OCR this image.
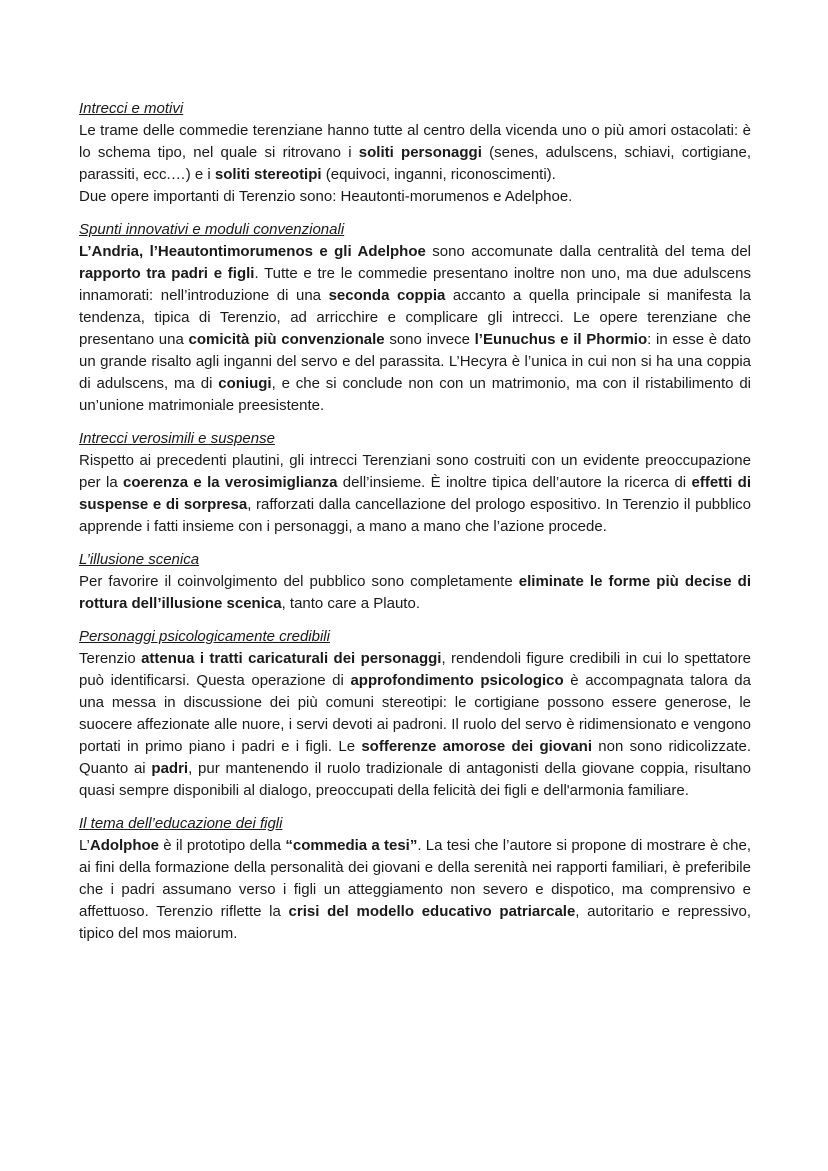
Intrecci e motivi
Le trame delle commedie terenziane hanno tutte al centro della vicenda uno o più amori ostacolati: è lo schema tipo, nel quale si ritrovano i soliti personaggi (senes, adulscens, schiavi, cortigiane, parassiti, ecc.…) e i soliti stereotipi (equivoci, inganni, riconoscimenti).
Due opere importanti di Terenzio sono: Heautonti-morumenos e Adelphoe.
Spunti innovativi e moduli convenzionali
L’Andria, l’Heautontimorumenos e gli Adelphoe sono accomunate dalla centralità del tema del rapporto tra padri e figli. Tutte e tre le commedie presentano inoltre non uno, ma due adulscens innamorati: nell’introduzione di una seconda coppia accanto a quella principale si manifesta la tendenza, tipica di Terenzio, ad arricchire e complicare gli intrecci. Le opere terenziane che presentano una comicità più convenzionale sono invece l’Eunuchus e il Phormio: in esse è dato un grande risalto agli inganni del servo e del parassita. L’Hecyra è l’unica in cui non si ha una coppia di adulscens, ma di coniugi, e che si conclude non con un matrimonio, ma con il ristabilimento di un’unione matrimoniale preesistente.
Intrecci verosimili e suspense
Rispetto ai precedenti plautini, gli intrecci Terenziani sono costruiti con un evidente preoccupazione per la coerenza e la verosimiglianza dell’insieme. È inoltre tipica dell’autore la ricerca di effetti di suspense e di sorpresa, rafforzati dalla cancellazione del prologo espositivo. In Terenzio il pubblico apprende i fatti insieme con i personaggi, a mano a mano che l’azione procede.
L’illusione scenica
Per favorire il coinvolgimento del pubblico sono completamente eliminate le forme più decise di rottura dell’illusione scenica, tanto care a Plauto.
Personaggi psicologicamente credibili
Terenzio attenua i tratti caricaturali dei personaggi, rendendoli figure credibili in cui lo spettatore può identificarsi. Questa operazione di approfondimento psicologico è accompagnata talora da una messa in discussione dei più comuni stereotipi: le cortigiane possono essere generose, le suocere affezionate alle nuore, i servi devoti ai padroni. Il ruolo del servo è ridimensionato e vengono portati in primo piano i padri e i figli. Le sofferenze amorose dei giovani non sono ridicolizzate. Quanto ai padri, pur mantenendo il ruolo tradizionale di antagonisti della giovane coppia, risultano quasi sempre disponibili al dialogo, preoccupati della felicità dei figli e dell'armonia familiare.
Il tema dell’educazione dei figli
L’Adolphoe è il prototipo della “commedia a tesi”. La tesi che l’autore si propone di mostrare è che, ai fini della formazione della personalità dei giovani e della serenità nei rapporti familiari, è preferibile che i padri assumano verso i figli un atteggiamento non severo e dispotico, ma comprensivo e affettuoso. Terenzio riflette la crisi del modello educativo patriarcale, autoritario e repressivo, tipico del mos maiorum.
